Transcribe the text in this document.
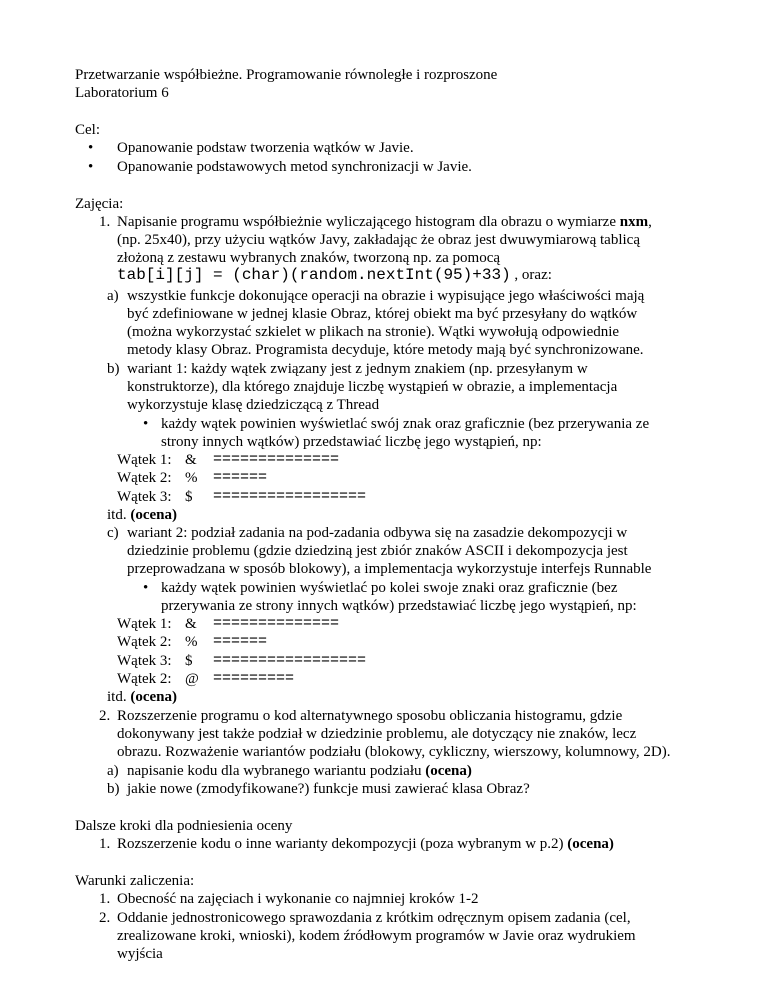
Przetwarzanie współbieżne. Programowanie równoległe i rozproszone
Laboratorium 6
Cel:
• Opanowanie podstaw tworzenia wątków w Javie.
• Opanowanie podstawowych metod synchronizacji w Javie.
Zajęcia:
1. Napisanie programu współbieżnie wyliczającego histogram dla obrazu o wymiarze nxm,
(np. 25x40), przy użyciu wątków Javy, zakładając że obraz jest dwuwymiarową tablicą
złożoną z zestawu wybranych znaków, tworzoną np. za pomocą
tab[i][j] = (char)(random.nextInt(95)+33) , oraz:
a) wszystkie funkcje dokonujące operacji na obrazie i wypisujące jego właściwości mają
być zdefiniowane w jednej klasie Obraz, której obiekt ma być przesyłany do wątków
(można wykorzystać szkielet w plikach na stronie). Wątki wywołują odpowiednie
metody klasy Obraz. Programista decyduje, które metody mają być synchronizowane.
b) wariant 1: każdy wątek związany jest z jednym znakiem (np. przesyłanym w
konstruktorze), dla którego znajduje liczbę wystąpień w obrazie, a implementacja
wykorzystuje klasę dziedziczącą z Thread
• każdy wątek powinien wyświetlać swój znak oraz graficznie (bez przerywania ze
strony innych wątków) przedstawiać liczbę jego wystąpień, np:
Wątek 1: & ==============
Wątek 2: % ======
Wątek 3: $ =================
itd. (ocena)
c) wariant 2: podział zadania na pod-zadania odbywa się na zasadzie dekompozycji w
dziedzinie problemu (gdzie dziedziną jest zbiór znaków ASCII i dekompozycja jest
przeprowadzana w sposób blokowy), a implementacja wykorzystuje interfejs Runnable
• każdy wątek powinien wyświetlać po kolei swoje znaki oraz graficznie (bez
przerywania ze strony innych wątków) przedstawiać liczbę jego wystąpień, np:
Wątek 1: & ==============
Wątek 2: % ======
Wątek 3: $ =================
Wątek 2: @ =========
itd. (ocena)
2. Rozszerzenie programu o kod alternatywnego sposobu obliczania histogramu, gdzie
dokonywany jest także podział w dziedzinie problemu, ale dotyczący nie znaków, lecz
obrazu. Rozważenie wariantów podziału (blokowy, cykliczny, wierszowy, kolumnowy, 2D).
a) napisanie kodu dla wybranego wariantu podziału (ocena)
b) jakie nowe (zmodyfikowane?) funkcje musi zawierać klasa Obraz?
Dalsze kroki dla podniesienia oceny
1. Rozszerzenie kodu o inne warianty dekompozycji (poza wybranym w p.2) (ocena)
Warunki zaliczenia:
1. Obecność na zajęciach i wykonanie co najmniej kroków 1-2
2. Oddanie jednostronicowego sprawozdania z krótkim odręcznym opisem zadania (cel,
zrealizowane kroki, wnioski), kodem źródłowym programów w Javie oraz wydrukiem
wyjścia
